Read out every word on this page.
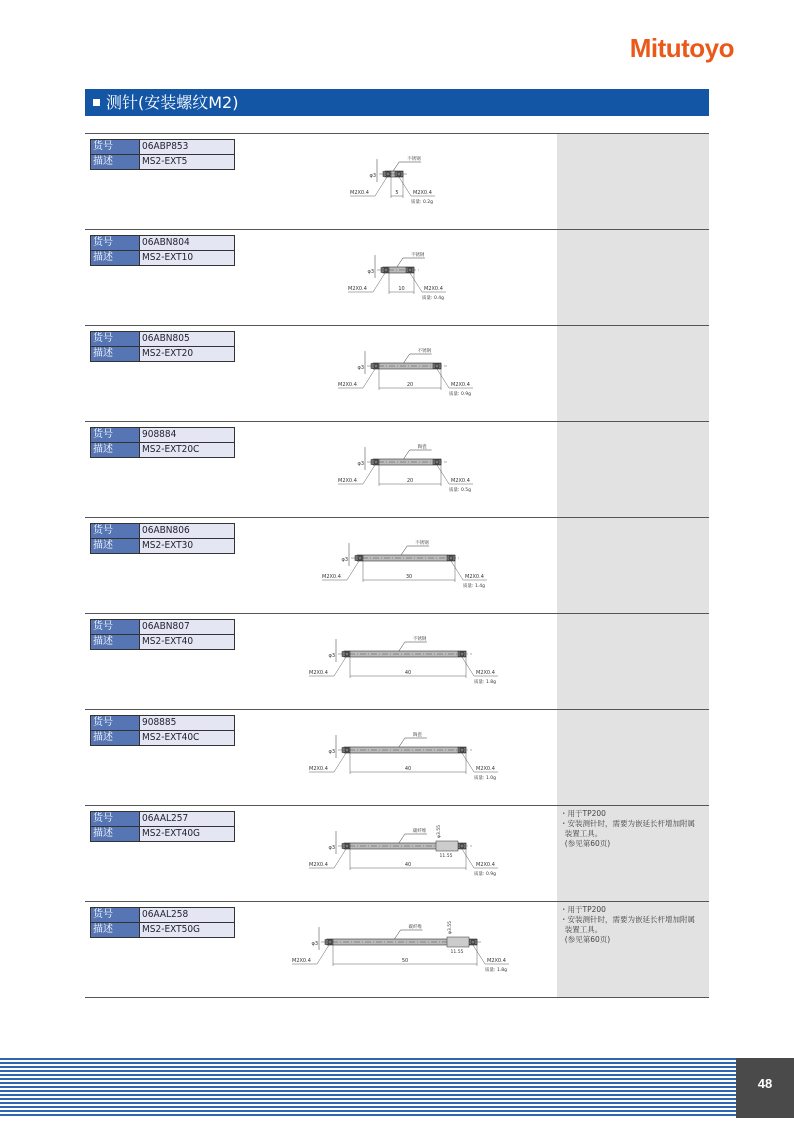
Mitutoyo
测针(安装螺纹M2)
货号	06ABP853
描述	MS2-EXT5
φ3
不锈钢
5
M2X0.4	M2X0.4
质量: 0.2g
货号	06ABN804
描述	MS2-EXT10
φ3
不锈钢
10
M2X0.4	M2X0.4
质量: 0.4g
货号	06ABN805
描述	MS2-EXT20
φ3
不锈钢
20
M2X0.4	M2X0.4
质量: 0.9g
货号	908884
描述	MS2-EXT20C
φ3
陶瓷
20
M2X0.4	M2X0.4
质量: 0.5g
货号	06ABN806
描述	MS2-EXT30
φ3
不锈钢
30
M2X0.4	M2X0.4
质量: 1.4g
货号	06ABN807
描述	MS2-EXT40
φ3
不锈钢
40
M2X0.4	M2X0.4
质量: 1.8g
货号	908885
描述	MS2-EXT40C
φ3
陶瓷
40
M2X0.4	M2X0.4
质量: 1.0g
・用于TP200
・安装测针时，需要为嵌延长杆增加附属
装置工具。
(参见第60页)
货号	06AAL257
描述	MS2-EXT40G
φ3
碳纤维
40
M2X0.4	M2X0.4
质量: 0.9g
11.55
φ3.55
・用于TP200
・安装测针时，需要为嵌延长杆增加附属
装置工具。
(参见第60页)
货号	06AAL258
描述	MS2-EXT50G
φ3
碳纤维
50
M2X0.4	M2X0.4
质量: 1.8g
11.55
φ3.55
48
